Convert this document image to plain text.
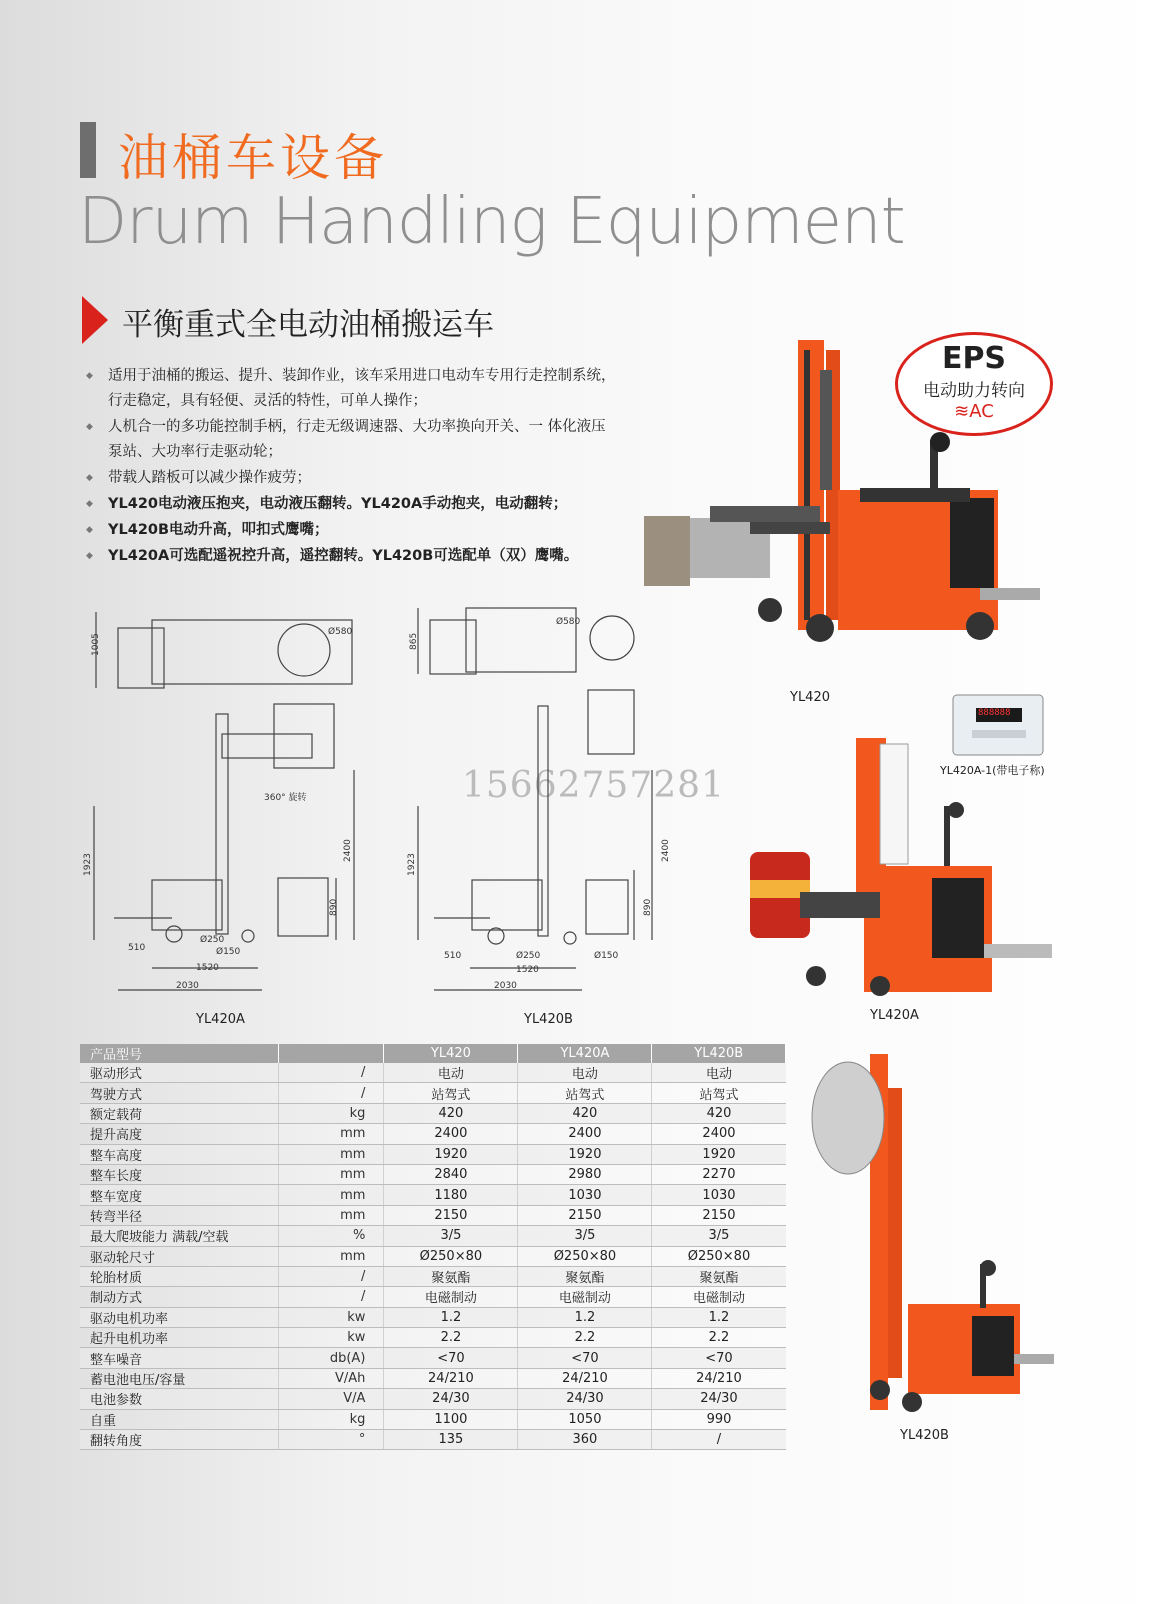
油桶车设备
Drum Handling Equipment
平衡重式全电动油桶搬运车
◆ 适用于油桶的搬运、提升、装卸作业，该车采用进口电动车专用行走控制系统， 行走稳定，具有轻便、灵活的特性，可单人操作；
◆ 人机合一的多功能控制手柄，行走无级调速器、大功率换向开关、一 体化液压泵站、大功率行走驱动轮；
◆ 带载人踏板可以减少操作疲劳；
◆ YL420电动液压抱夹，电动液压翻转。YL420A手动抱夹，电动翻转；
◆ YL420B电动升高，叩扣式鹰嘴；
◆ YL420A可选配遥祝控升高，遥控翻转。YL420B可选配单（双）鹰嘴。
EPS
电动助力转向
≋AC
YL420
888888
YL420A-1(带电子称)
YL420A
15662757281
1005
Ø580
360° 旋转
1923
2400
890
Ø250
Ø150
510
1520
2030
YL420A
865
Ø580
1923
2400
890
Ø250	Ø150
510
1520
2030
YL420B
产品型号		YL420	YL420A	YL420B
驱动形式	/	电动	电动	电动
驾驶方式	/	站驾式	站驾式	站驾式
额定载荷	kg	420	420	420
提升高度	mm	2400	2400	2400
整车高度	mm	1920	1920	1920
整车长度	mm	2840	2980	2270
整车宽度	mm	1180	1030	1030
转弯半径	mm	2150	2150	2150
最大爬坡能力 满载/空载	%	3/5	3/5	3/5
驱动轮尺寸	mm	Ø250×80	Ø250×80	Ø250×80
轮胎材质	/	聚氨酯	聚氨酯	聚氨酯
制动方式	/	电磁制动	电磁制动	电磁制动
驱动电机功率	kw	1.2	1.2	1.2
起升电机功率	kw	2.2	2.2	2.2
整车噪音	db(A)	<70	<70	<70
蓄电池电压/容量	V/Ah	24/210	24/210	24/210
电池参数	V/A	24/30	24/30	24/30
自重	kg	1100	1050	990
翻转角度	°	135	360	/	YL420B
